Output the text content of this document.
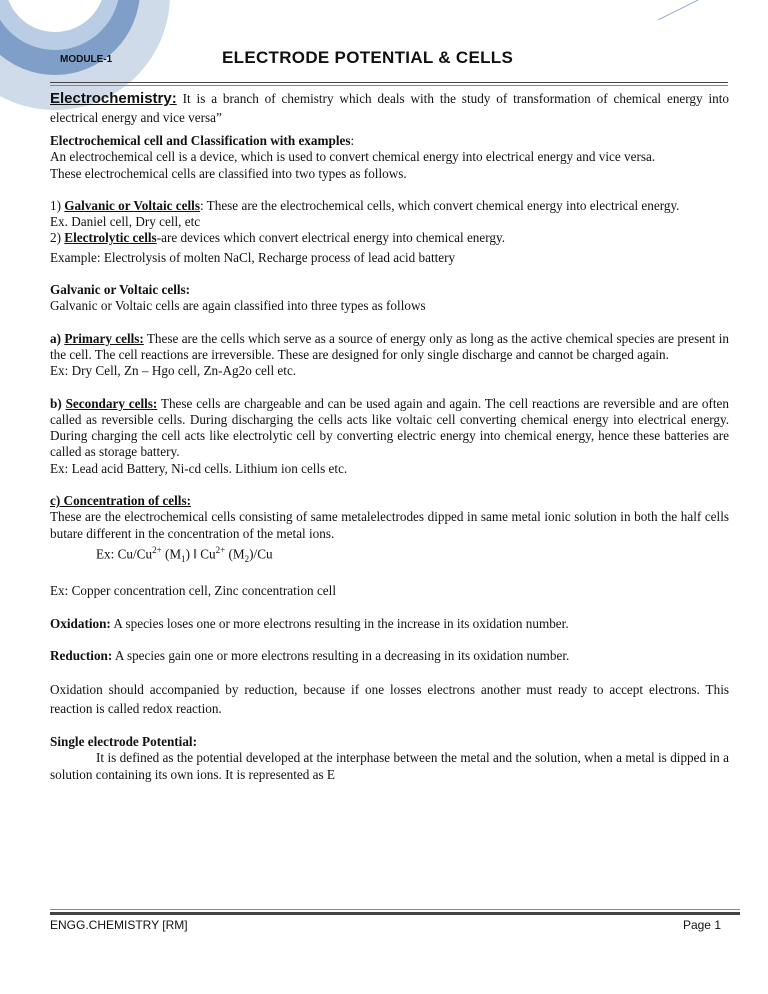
MODULE-1	ELECTRODE POTENTIAL & CELLS

Electrochemistry: It is a branch of chemistry which deals with the study of transformation of chemical energy into electrical energy and vice versa”

Electrochemical cell and Classification with examples:

An electrochemical cell is a device, which is used to convert chemical energy into electrical energy and vice versa.

These electrochemical cells are classified into two types as follows.

1) Galvanic or Voltaic cells: These are the electrochemical cells, which convert chemical energy into electrical energy.

Ex. Daniel cell, Dry cell, etc

2) Electrolytic cells-are devices which convert electrical energy into chemical energy.

Example: Electrolysis of molten NaCl, Recharge process of lead acid battery

Galvanic or Voltaic cells:

Galvanic or Voltaic cells are again classified into three types as follows

a) Primary cells: These are the cells which serve as a source of energy only as long as the active chemical species are present in the cell. The cell reactions are irreversible. These are designed for only single discharge and cannot be charged again.

Ex: Dry Cell, Zn – Hgo cell, Zn-Ag2o cell etc.

b) Secondary cells: These cells are chargeable and can be used again and again. The cell reactions are reversible and are often called as reversible cells. During discharging the cells acts like voltaic cell converting chemical energy into electrical energy. During charging the cell acts like electrolytic cell by converting electric energy into chemical energy, hence these batteries are called as storage battery.

Ex: Lead acid Battery, Ni-cd cells. Lithium ion cells etc.

c) Concentration of cells:

These are the electrochemical cells consisting of same metalelectrodes dipped in same metal ionic solution in both the half cells butare different in the concentration of the metal ions.

Ex: $Cu/Cu^{2+}$ $(M_1)$ ‖ $Cu^{2+}$ $(M_2)/Cu$

Ex: Copper concentration cell, Zinc concentration cell

Oxidation: A species loses one or more electrons resulting in the increase in its oxidation number.

Reduction: A species gain one or more electrons resulting in a decreasing in its oxidation number.

Oxidation should accompanied by reduction, because if one losses electrons another must ready to accept electrons. This reaction is called redox reaction.

Single electrode Potential:

It is defined as the potential developed at the interphase between the metal and the solution, when a metal is dipped in a solution containing its own ions. It is represented as E

ENGG.CHEMISTRY [RM]	Page 1
